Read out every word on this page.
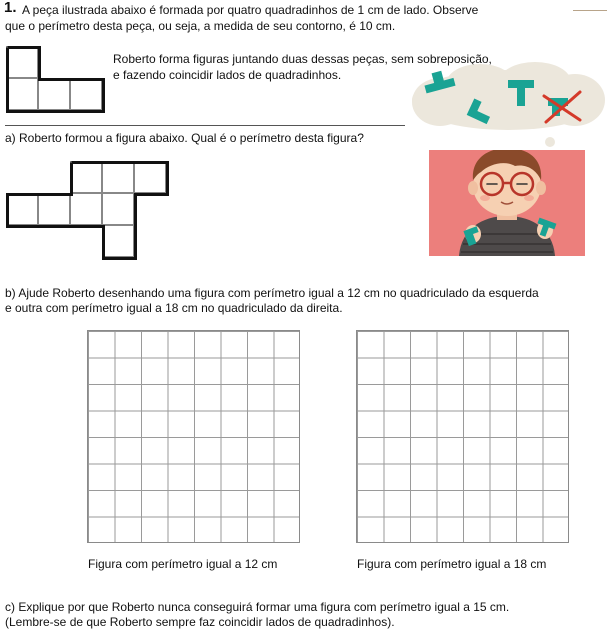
1. A peça ilustrada abaixo é formada por quatro quadradinhos de 1 cm de lado. Observe
que o perímetro desta peça, ou seja, a medida de seu contorno, é 10 cm.
Roberto forma figuras juntando duas dessas peças, sem sobreposição,
e fazendo coincidir lados de quadradinhos.
a) Roberto formou a figura abaixo. Qual é o perímetro desta figura?
b) Ajude Roberto desenhando uma figura com perímetro igual a 12 cm no quadriculado da esquerda
e outra com perímetro igual a 18 cm no quadriculado da direita.
Figura com perímetro igual a 12 cm	Figura com perímetro igual a 18 cm
c) Explique por que Roberto nunca conseguirá formar uma figura com perímetro igual a 15 cm.
(Lembre-se de que Roberto sempre faz coincidir lados de quadradinhos).
